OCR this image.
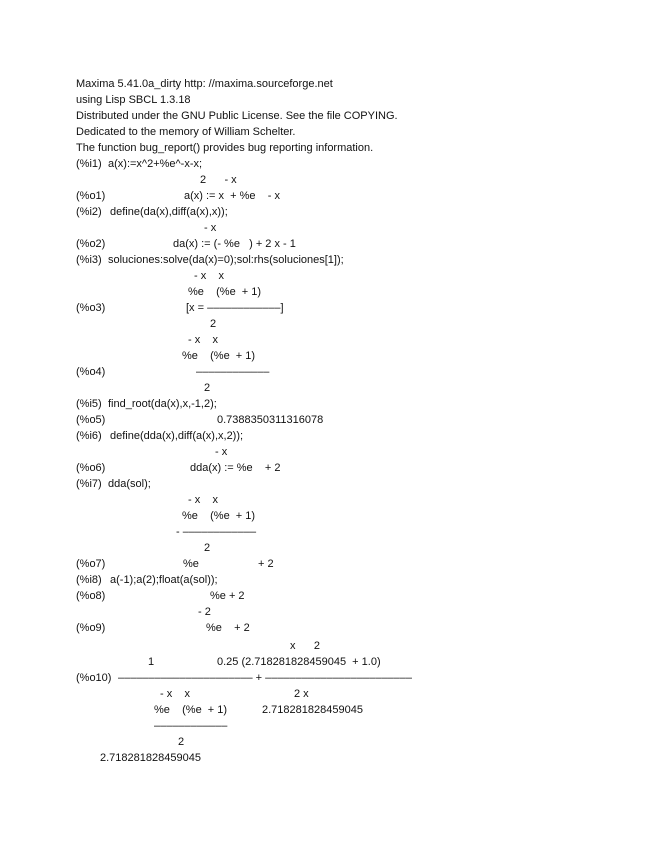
Maxima 5.41.0a_dirty http: //maxima.sourceforge.net
using Lisp SBCL 1.3.18
Distributed under the GNU Public License. See the file COPYING.
Dedicated to the memory of William Schelter.
The function bug_report() provides bug reporting information.
(%i1) a(x):=x^2+%e^-x-x;
2      - x
(%o1)	a(x) := x  + %e    - x
(%i2) define(da(x),diff(a(x),x));
- x
(%o2)	da(x) := (- %e   ) + 2 x - 1
(%i3) soluciones:solve(da(x)=0);sol:rhs(soluciones[1]);
- x    x
%e    (%e  + 1)
(%o3)	[x = ––––––––––––]
2
- x    x
%e    (%e  + 1)
(%o4)	––––––––––––
2
(%i5) find_root(da(x),x,-1,2);
(%o5)	0.7388350311316078
(%i6) define(dda(x),diff(a(x),x,2));
- x
(%o6)	dda(x) := %e    + 2
(%i7) dda(sol);
- x    x
%e    (%e  + 1)
- ––––––––––––
2
(%o7)	%e	+ 2
(%i8) a(-1);a(2);float(a(sol));
(%o8)	%e + 2
- 2
(%o9)	%e    + 2
x      2
1	0.25 (2.718281828459045  + 1.0)
(%o10) –––––––––––––––––––––– + ––––––––––––––––––––––––
- x    x	2 x
%e    (%e  + 1)	2.718281828459045
––––––––––––
2
2.718281828459045
